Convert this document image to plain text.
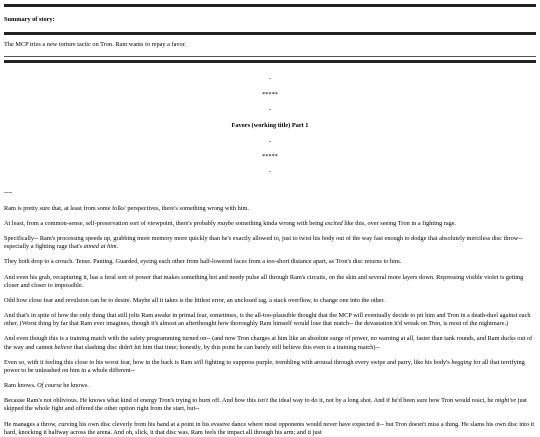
Summary of story:
The MCP tries a new torture tactic on Tron. Ram wants to repay a favor.
-
*****
-
Favors (working title) Part 1
-
*****
-
----

Ram is pretty sure that, at least from some folks' perspectives, there's something wrong with him.

At least, from a common-sense, self-preservation sort of viewpoint, there's probably maybe something kinda wrong with being excited like this, over seeing Tron in a fighting rage.

Specifically-- Ram's processing speeds up, grabbing more memory more quickly than he's exactly allowed to, just to twist his body out of the way fast enough to dodge that absolutely merciless disc throw-- especially a fighting rage that's aimed at him.

They both drop to a crouch. Tense. Panting. Guarded, eyeing each other from half-lowered faces from a too-short distance apart, as Tron's disc returns to him.

And even his grab, recapturing it, has a feral sort of power that makes something hot and needy pulse all through Ram's circuits, on the skin and several more layers down. Repressing visible violet is getting closer and closer to impossible.

Odd how close fear and revulsion can be to desire. Maybe all it takes is the littlest error, an unclosed tag, a stack overflow, to change one into the other.

And that's in spite of how the only thing that still jolts Ram awake in primal fear, sometimes, is the all-too-plausible thought that the MCP will eventually decide to pit him and Tron in a death-duel against each other. (Worst thing by far that Ram ever imagines, though it's almost an afterthought how thoroughly Ram himself would lose that match-- the devastation it'd wreak on Tron, is most of the nightmare.)

And even though this is a training match with the safety programming turned on-- (and now Tron charges at him like an absolute surge of power, no warning at all, faster than tank rounds, and Ram ducks out of the way and cannot believe that slashing disc didn't hit him that time; honestly, by this point he can barely still believe this even is a training match)--

Even so, with it feeling this close to his worst fear, how in the back is Ram still fighting to suppress purple, trembling with arousal through every swipe and parry, like his body's begging for all that terrifying power to be unleashed on him in a whole different--

Ram knows. Of course he knows.

Because Ram's not oblivious. He knows what kind of energy Tron's trying to burn off. And how this isn't the ideal way to do it, not by a long shot. And if he'd been sure how Tron would react, he might've just skipped the whole fight and offered the other option right from the start, but--

He manages a throw, curving his own disc cleverly from his hand at a point in his evasive dance where most opponents would never have expected it-- but Tron doesn't miss a thing. He slams his own disc into it hard, knocking it halfway across the arena. And oh, slick, it that disc was. Ram feels the impact all through his arm; and it just
